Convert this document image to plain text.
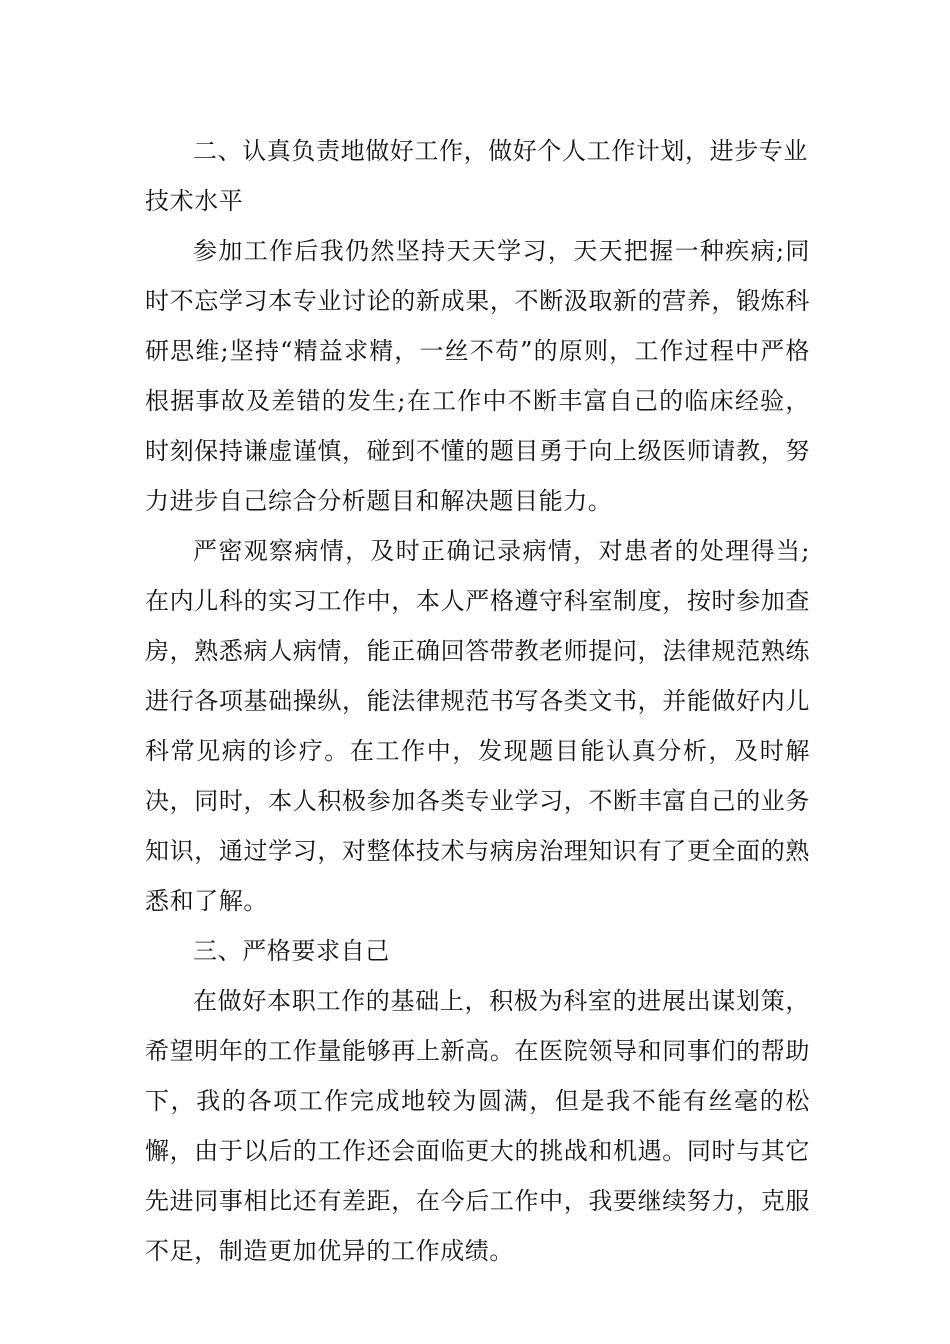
二、认真负责地做好工作，做好个人工作计划，进步专业技术水平

参加工作后我仍然坚持天天学习，天天把握一种疾病;同时不忘学习本专业讨论的新成果，不断汲取新的营养，锻炼科研思维;坚持“精益求精，一丝不苟”的原则，工作过程中严格根据事故及差错的发生;在工作中不断丰富自己的临床经验，时刻保持谦虚谨慎，碰到不懂的题目勇于向上级医师请教，努力进步自己综合分析题目和解决题目能力。

严密观察病情，及时正确记录病情，对患者的处理得当;在内儿科的实习工作中，本人严格遵守科室制度，按时参加查房，熟悉病人病情，能正确回答带教老师提问，法律规范熟练进行各项基础操纵，能法律规范书写各类文书，并能做好内儿科常见病的诊疗。在工作中，发现题目能认真分析，及时解决，同时，本人积极参加各类专业学习，不断丰富自己的业务知识，通过学习，对整体技术与病房治理知识有了更全面的熟悉和了解。

三、严格要求自己

在做好本职工作的基础上，积极为科室的进展出谋划策，希望明年的工作量能够再上新高。在医院领导和同事们的帮助下，我的各项工作完成地较为圆满，但是我不能有丝毫的松懈，由于以后的工作还会面临更大的挑战和机遇。同时与其它先进同事相比还有差距，在今后工作中，我要继续努力，克服不足，制造更加优异的工作成绩。
